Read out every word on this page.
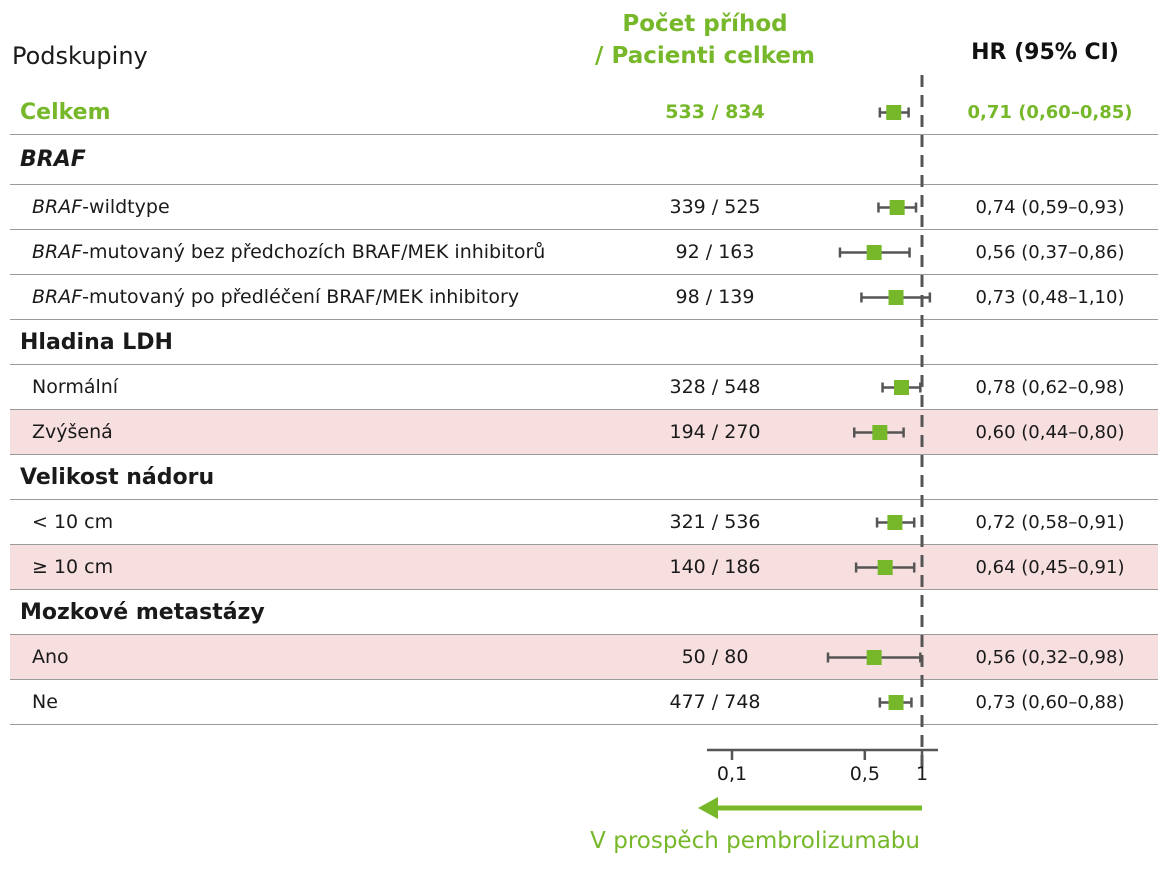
Podskupiny
Počet příhod
/ Pacienti celkem	HR (95% CI)
Celkem	533 / 834	0,71 (0,60–0,85)
BRAF
BRAF -wildtype	339 / 525	0,74 (0,59–0,93)
BRAF -mutovaný bez předchozích BRAF/MEK inhibitorů	92 / 163	0,56 (0,37–0,86)
BRAF -mutovaný po předléčení BRAF/MEK inhibitory	98 / 139	0,73 (0,48–1,10)
Hladina LDH
Normální	328 / 548	0,78 (0,62–0,98)
Zvýšená	194 / 270	0,60 (0,44–0,80)
Velikost nádoru
< 10 cm	321 / 536	0,72 (0,58–0,91)
≥ 10 cm	140 / 186	0,64 (0,45–0,91)
Mozkové metastázy
Ano	50 / 80	0,56 (0,32–0,98)
Ne	477 / 748	0,73 (0,60–0,88)
0,1	0,5 1
V prospěch pembrolizumabu
